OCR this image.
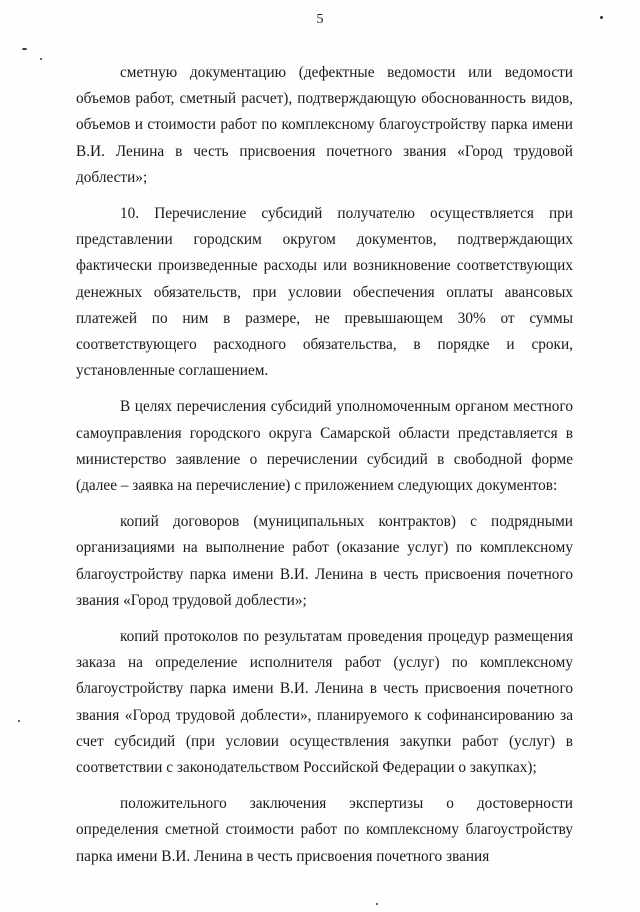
5

сметную документацию (дефектные ведомости или ведомости объемов работ, сметный расчет), подтверждающую обоснованность видов, объемов и стоимости работ по комплексному благоустройству парка имени В.И. Ленина в честь присвоения почетного звания «Город трудовой доблести»;

10. Перечисление субсидий получателю осуществляется при представлении городским округом документов, подтверждающих фактически произведенные расходы или возникновение соответствующих денежных обязательств, при условии обеспечения оплаты авансовых платежей по ним в размере, не превышающем 30% от суммы соответствующего расходного обязательства, в порядке и сроки, установленные соглашением.

В целях перечисления субсидий уполномоченным органом местного самоуправления городского округа Самарской области представляется в министерство заявление о перечислении субсидий в свободной форме (далее – заявка на перечисление) с приложением следующих документов:

копий договоров (муниципальных контрактов) с подрядными организациями на выполнение работ (оказание услуг) по комплексному благоустройству парка имени В.И. Ленина в честь присвоения почетного звания «Город трудовой доблести»;

копий протоколов по результатам проведения процедур размещения заказа на определение исполнителя работ (услуг) по комплексному благоустройству парка имени В.И. Ленина в честь присвоения почетного звания «Город трудовой доблести», планируемого к софинансированию за счет субсидий (при условии осуществления закупки работ (услуг) в соответствии с законодательством Российской Федерации о закупках);

положительного заключения экспертизы о достоверности определения сметной стоимости работ по комплексному благоустройству парка имени В.И. Ленина в честь присвоения почетного звания
